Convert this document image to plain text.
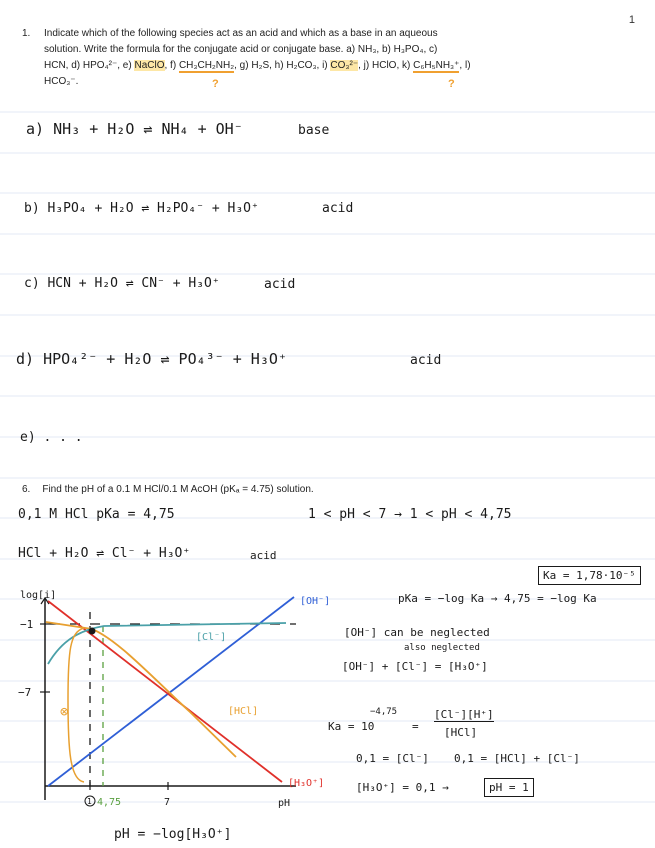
1
1. Indicate which of the following species act as an acid and which as a base in an aqueous
solution. Write the formula for the conjugate acid or conjugate base. a) NH₃, b) H₃PO₄, c)
HCN, d) HPO₄²⁻, e) NaClO, f) CH₃CH₂NH₂, g) H₂S, h) H₂CO₃, i) CO₃²⁻, j) HClO, k) C₆H₅NH₃⁺, l)
HCO₃⁻.	?	?
a) NH₃ + H₂O ⇌ NH₄ + OH⁻	base
b) H₃PO₄ + H₂O ⇌ H₂PO₄⁻ + H₃O⁺	acid
c) HCN + H₂O ⇌ CN⁻ + H₃O⁺	acid
d) HPO₄²⁻ + H₂O ⇌ PO₄³⁻ + H₃O⁺	acid
e) . . .
6. Find the pH of a 0.1 M HCl/0.1 M AcOH (pKₐ = 4.75) solution.
0,1 M HCl pKa = 4,75	1 < pH < 7 → 1 < pH < 4,75
HCl + H₂O ⇌ Cl⁻ + H₃O⁺	acid
Ka = 1,78·10⁻⁵
pKa = −log Ka → 4,75 = −log Ka
[OH⁻] can be neglected
also neglected
[OH⁻] + [Cl⁻] = [H₃O⁺]
Ka = 10
−4,75
=
[Cl⁻][H⁺]
[HCl]
0,1 = [Cl⁻] 0,1 = [HCl] + [Cl⁻]
[H₃O⁺] = 0,1 →	pH = 1
pH = −log[H₃O⁺]
log[i]
pH
−1
−7
1 4,75	7
⊗
[OH⁻]
[Cl⁻]
[HCl]
[H₃O⁺]
